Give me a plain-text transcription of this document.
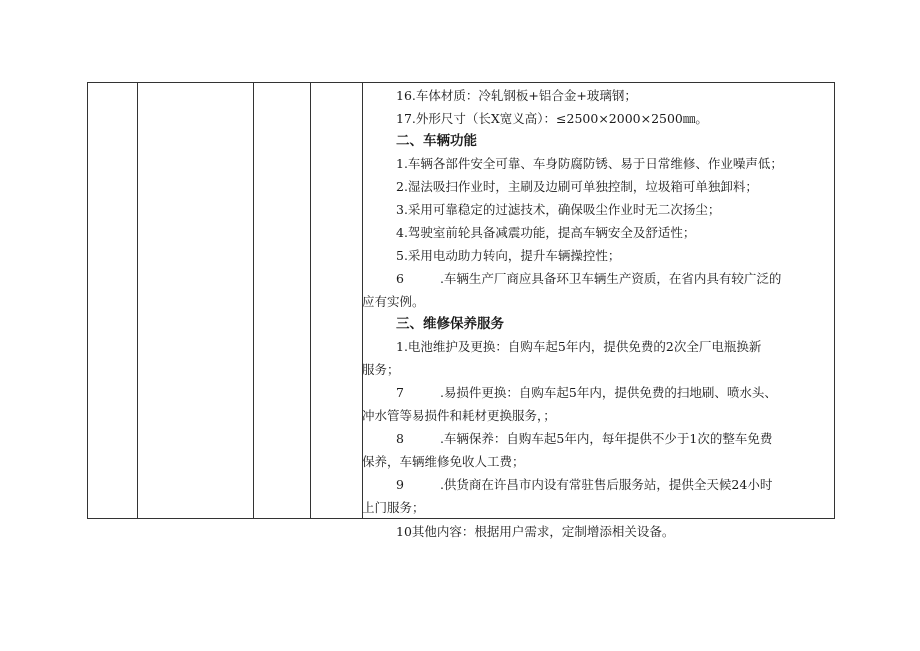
16.车体材质：冷轧钢板+铝合金+玻璃钢；
17.外形尺寸（长X宽义高）：≤2500×2000×2500㎜。
二、车辆功能
1.车辆各部件安全可靠、车身防腐防锈、易于日常维修、作业噪声低；
2.湿法吸扫作业时，主刷及边刷可单独控制，垃圾箱可单独卸料；
3.采用可靠稳定的过滤技术，确保吸尘作业时无二次扬尘；
4.驾驶室前轮具备减震功能，提高车辆安全及舒适性；
5.采用电动助力转向，提升车辆操控性；
6	.车辆生产厂商应具备环卫车辆生产资质，在省内具有较广泛的
应有实例。
三、维修保养服务
1.电池维护及更换：自购车起5年内，提供免费的2次全厂电瓶换新
服务；
7	.易损件更换：自购车起5年内，提供免费的扫地刷、喷水头、
冲水管等易损件和耗材更换服务，；
8	.车辆保养：自购车起5年内，每年提供不少于1次的整车免费
保养，车辆维修免收人工费；
9	.供货商在许昌市内设有常驻售后服务站，提供全天候24小时
上门服务；
10其他内容：根据用户需求，定制增添相关设备。
